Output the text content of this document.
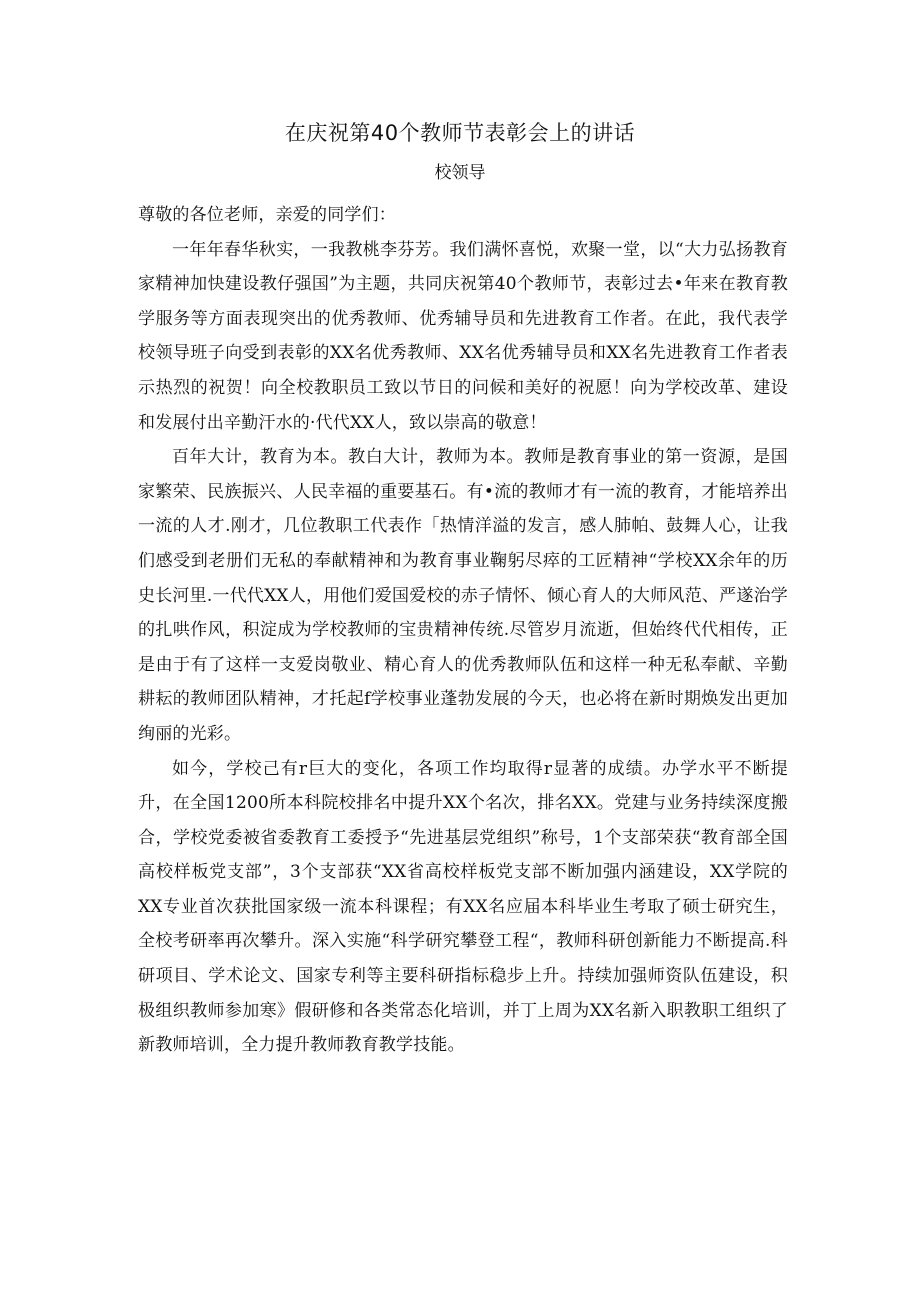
在庆祝第40个教师节表彰会上的讲话
校领导

尊敬的各位老师，亲爱的同学们：

一年年春华秋实，一我教桃李芬芳。我们满怀喜悦，欢聚一堂，以“大力弘扬教育家精神加快建设教仔强国”为主题，共同庆祝第40个教师节，表彰过去•年来在教育教学服务等方面表现突出的优秀教师、优秀辅导员和先进教育工作者。在此，我代表学校领导班子向受到表彰的XX名优秀教师、XX名优秀辅导员和XX名先进教育工作者表示热烈的祝贺！向全校教职员工致以节日的问候和美好的祝愿！向为学校改革、建设和发展付出辛勤汗水的·代代XX人，致以崇高的敬意！

百年大计，教育为本。教白大计，教师为本。教师是教育事业的第一资源，是国家繁荣、民族振兴、人民幸福的重要基石。有•流的教师才有一流的教育，才能培养出一流的人才.刚才，几位教职工代表作「热情洋溢的发言，感人肺帕、鼓舞人心，让我们感受到老册们无私的奉献精神和为教育事业鞠躬尽瘁的工匠精神“学校XX余年的历史长河里.一代代XX人，用他们爱国爱校的赤子情怀、倾心育人的大师风范、严遂治学的扎哄作风，积淀成为学校教师的宝贵精神传统.尽管岁月流逝，但始终代代相传，正是由于有了这样一支爱岗敬业、精心育人的优秀教师队伍和这样一种无私奉献、辛勤耕耘的教师团队精神，才托起f学校事业蓬勃发展的今天，也必将在新时期焕发出更加绚丽的光彩。

如今，学校己有r巨大的变化，各项工作均取得r显著的成绩。办学水平不断提升，在全国1200所本科院校排名中提升XX个名次，排名XX。党建与业务持续深度搬合，学校党委被省委教育工委授予“先进基层党组织”称号，1个支部荣获“教育部全国高校样板党支部”，3个支部获“XX省高校样板党支部不断加强内涵建设，XX学院的XX专业首次获批国家级一流本科课程；有XX名应届本科毕业生考取了硕士研究生，全校考研率再次攀升。深入实施“科学研究攀登工程“，教师科研创新能力不断提高.科研项目、学术论文、国家专利等主要科研指标稳步上升。持续加强师资队伍建设，积极组织教师参加寒》假研修和各类常态化培训，并丁上周为XX名新入职教职工组织了新教师培训，全力提升教师教育教学技能。
